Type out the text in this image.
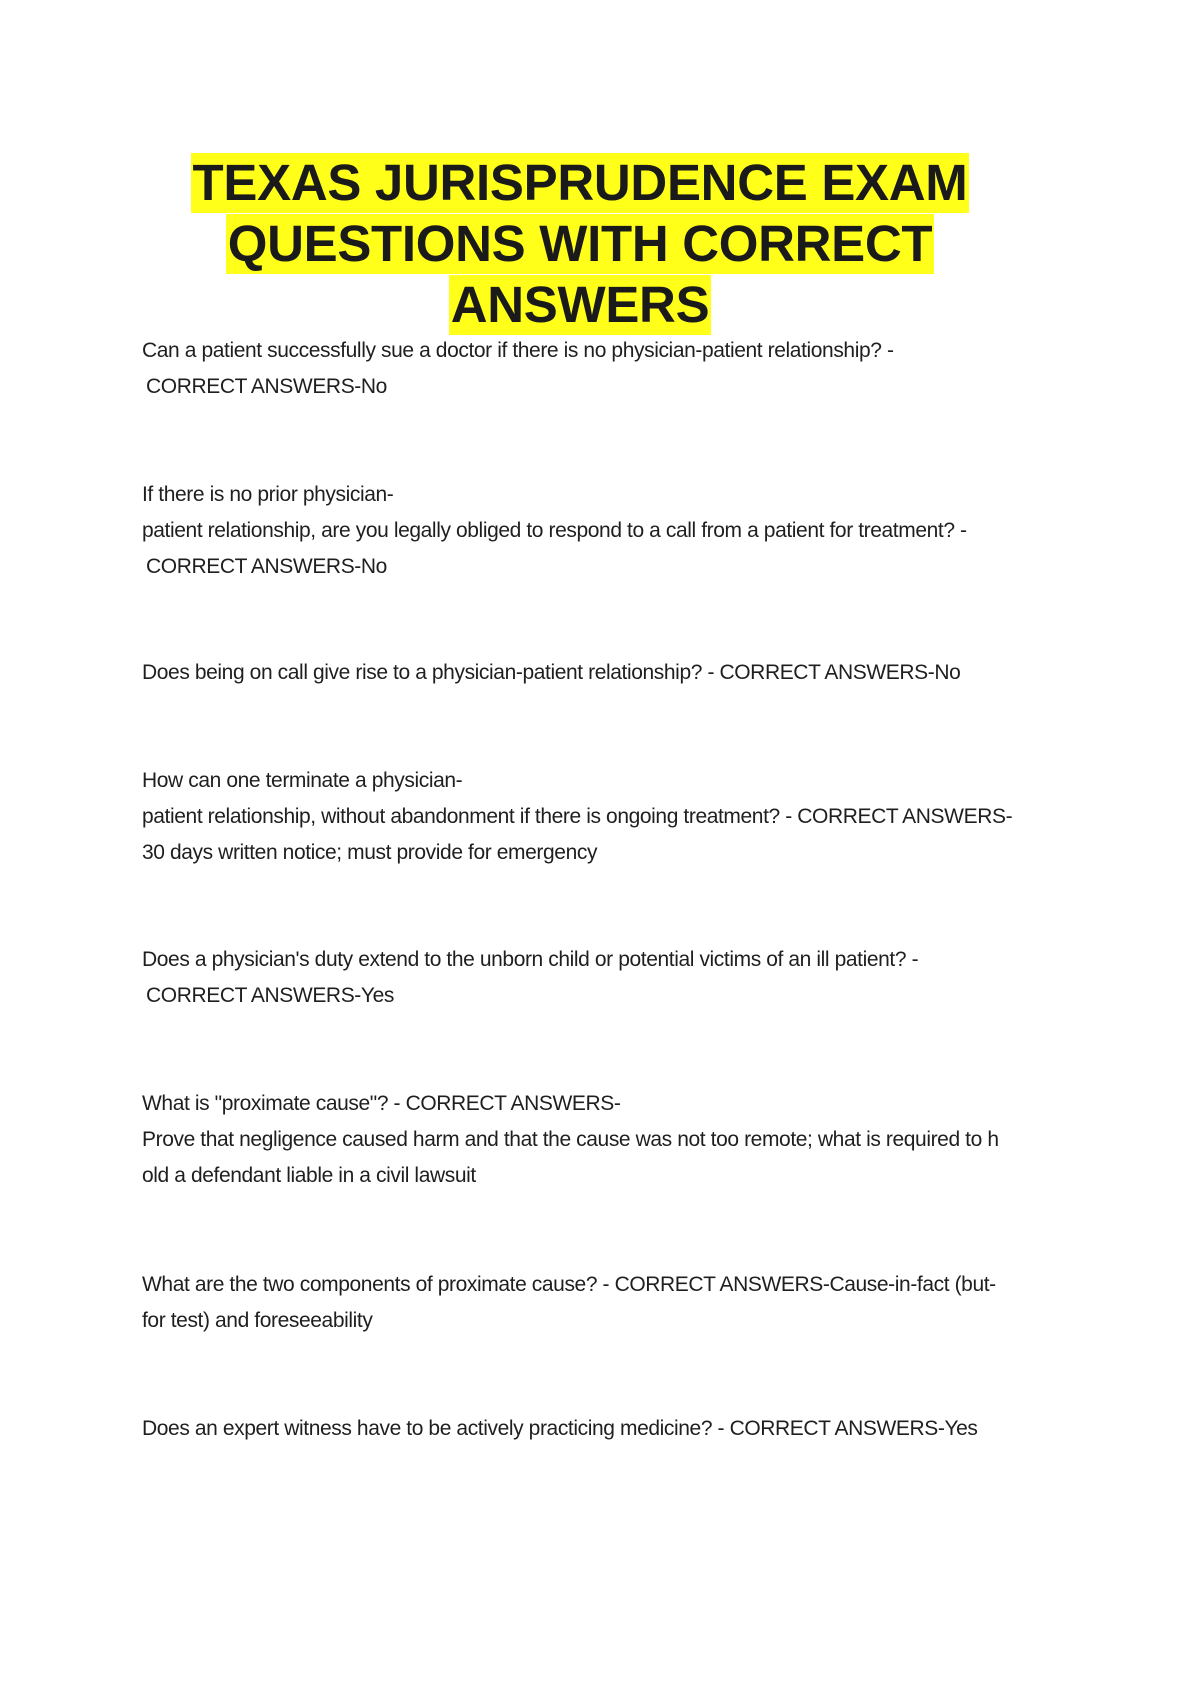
TEXAS JURISPRUDENCE EXAM
QUESTIONS WITH CORRECT
ANSWERS
Can a patient successfully sue a doctor if there is no physician-patient relationship? -
CORRECT ANSWERS-No
If there is no prior physician-
patient relationship, are you legally obliged to respond to a call from a patient for treatment? -
CORRECT ANSWERS-No
Does being on call give rise to a physician-patient relationship? - CORRECT ANSWERS-No
How can one terminate a physician-
patient relationship, without abandonment if there is ongoing treatment? - CORRECT ANSWERS-
30 days written notice; must provide for emergency
Does a physician's duty extend to the unborn child or potential victims of an ill patient? -
CORRECT ANSWERS-Yes
What is "proximate cause"? - CORRECT ANSWERS-
Prove that negligence caused harm and that the cause was not too remote; what is required to h
old a defendant liable in a civil lawsuit
What are the two components of proximate cause? - CORRECT ANSWERS-Cause-in-fact (but-
for test) and foreseeability
Does an expert witness have to be actively practicing medicine? - CORRECT ANSWERS-Yes
